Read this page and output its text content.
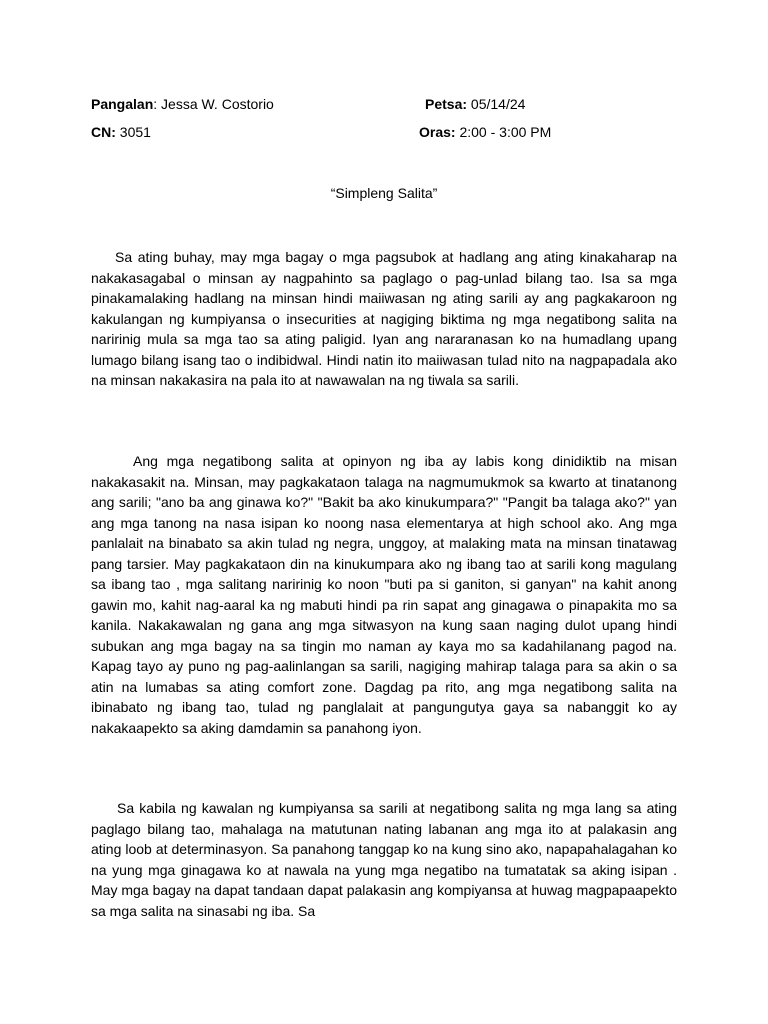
Pangalan: Jessa W. Costorio	Petsa: 05/14/24
CN: 3051	Oras: 2:00 - 3:00 PM
“Simpleng Salita”

Sa ating buhay, may mga bagay o mga pagsubok at hadlang ang ating kinakaharap na nakakasagabal o minsan ay nagpahinto sa paglago o pag-unlad bilang tao. Isa sa mga pinakamalaking hadlang na minsan hindi maiiwasan ng ating sarili ay ang pagkakaroon ng kakulangan ng kumpiyansa o insecurities at nagiging biktima ng mga negatibong salita na naririnig mula sa mga tao sa ating paligid. Iyan ang nararanasan ko na humadlang upang lumago bilang isang tao o indibidwal. Hindi natin ito maiiwasan tulad nito na nagpapadala ako na minsan nakakasira na pala ito at nawawalan na ng tiwala sa sarili.

Ang mga negatibong salita at opinyon ng iba ay labis kong dinidiktib na misan nakakasakit na. Minsan, may pagkakataon talaga na nagmumukmok sa kwarto at tinatanong ang sarili; "ano ba ang ginawa ko?" "Bakit ba ako kinukumpara?" "Pangit ba talaga ako?" yan ang mga tanong na nasa isipan ko noong nasa elementarya at high school ako. Ang mga panlalait na binabato sa akin tulad ng negra, unggoy, at malaking mata na minsan tinatawag pang tarsier. May pagkakataon din na kinukumpara ako ng ibang tao at sarili kong magulang sa ibang tao , mga salitang naririnig ko noon "buti pa si ganiton, si ganyan" na kahit anong gawin mo, kahit nag-aaral ka ng mabuti hindi pa rin sapat ang ginagawa o pinapakita mo sa kanila. Nakakawalan ng gana ang mga sitwasyon na kung saan naging dulot upang hindi subukan ang mga bagay na sa tingin mo naman ay kaya mo sa kadahilanang pagod na. Kapag tayo ay puno ng pag-aalinlangan sa sarili, nagiging mahirap talaga para sa akin o sa atin na lumabas sa ating comfort zone. Dagdag pa rito, ang mga negatibong salita na ibinabato ng ibang tao, tulad ng panglalait at pangungutya gaya sa nabanggit ko ay nakakaapekto sa aking damdamin sa panahong iyon.

Sa kabila ng kawalan ng kumpiyansa sa sarili at negatibong salita ng mga lang sa ating paglago bilang tao, mahalaga na matutunan nating labanan ang mga ito at palakasin ang ating loob at determinasyon. Sa panahong tanggap ko na kung sino ako, napapahalagahan ko na yung mga ginagawa ko at nawala na yung mga negatibo na tumatatak sa aking isipan . May mga bagay na dapat tandaan dapat palakasin ang kompiyansa at huwag magpapaapekto sa mga salita na sinasabi ng iba. Sa
